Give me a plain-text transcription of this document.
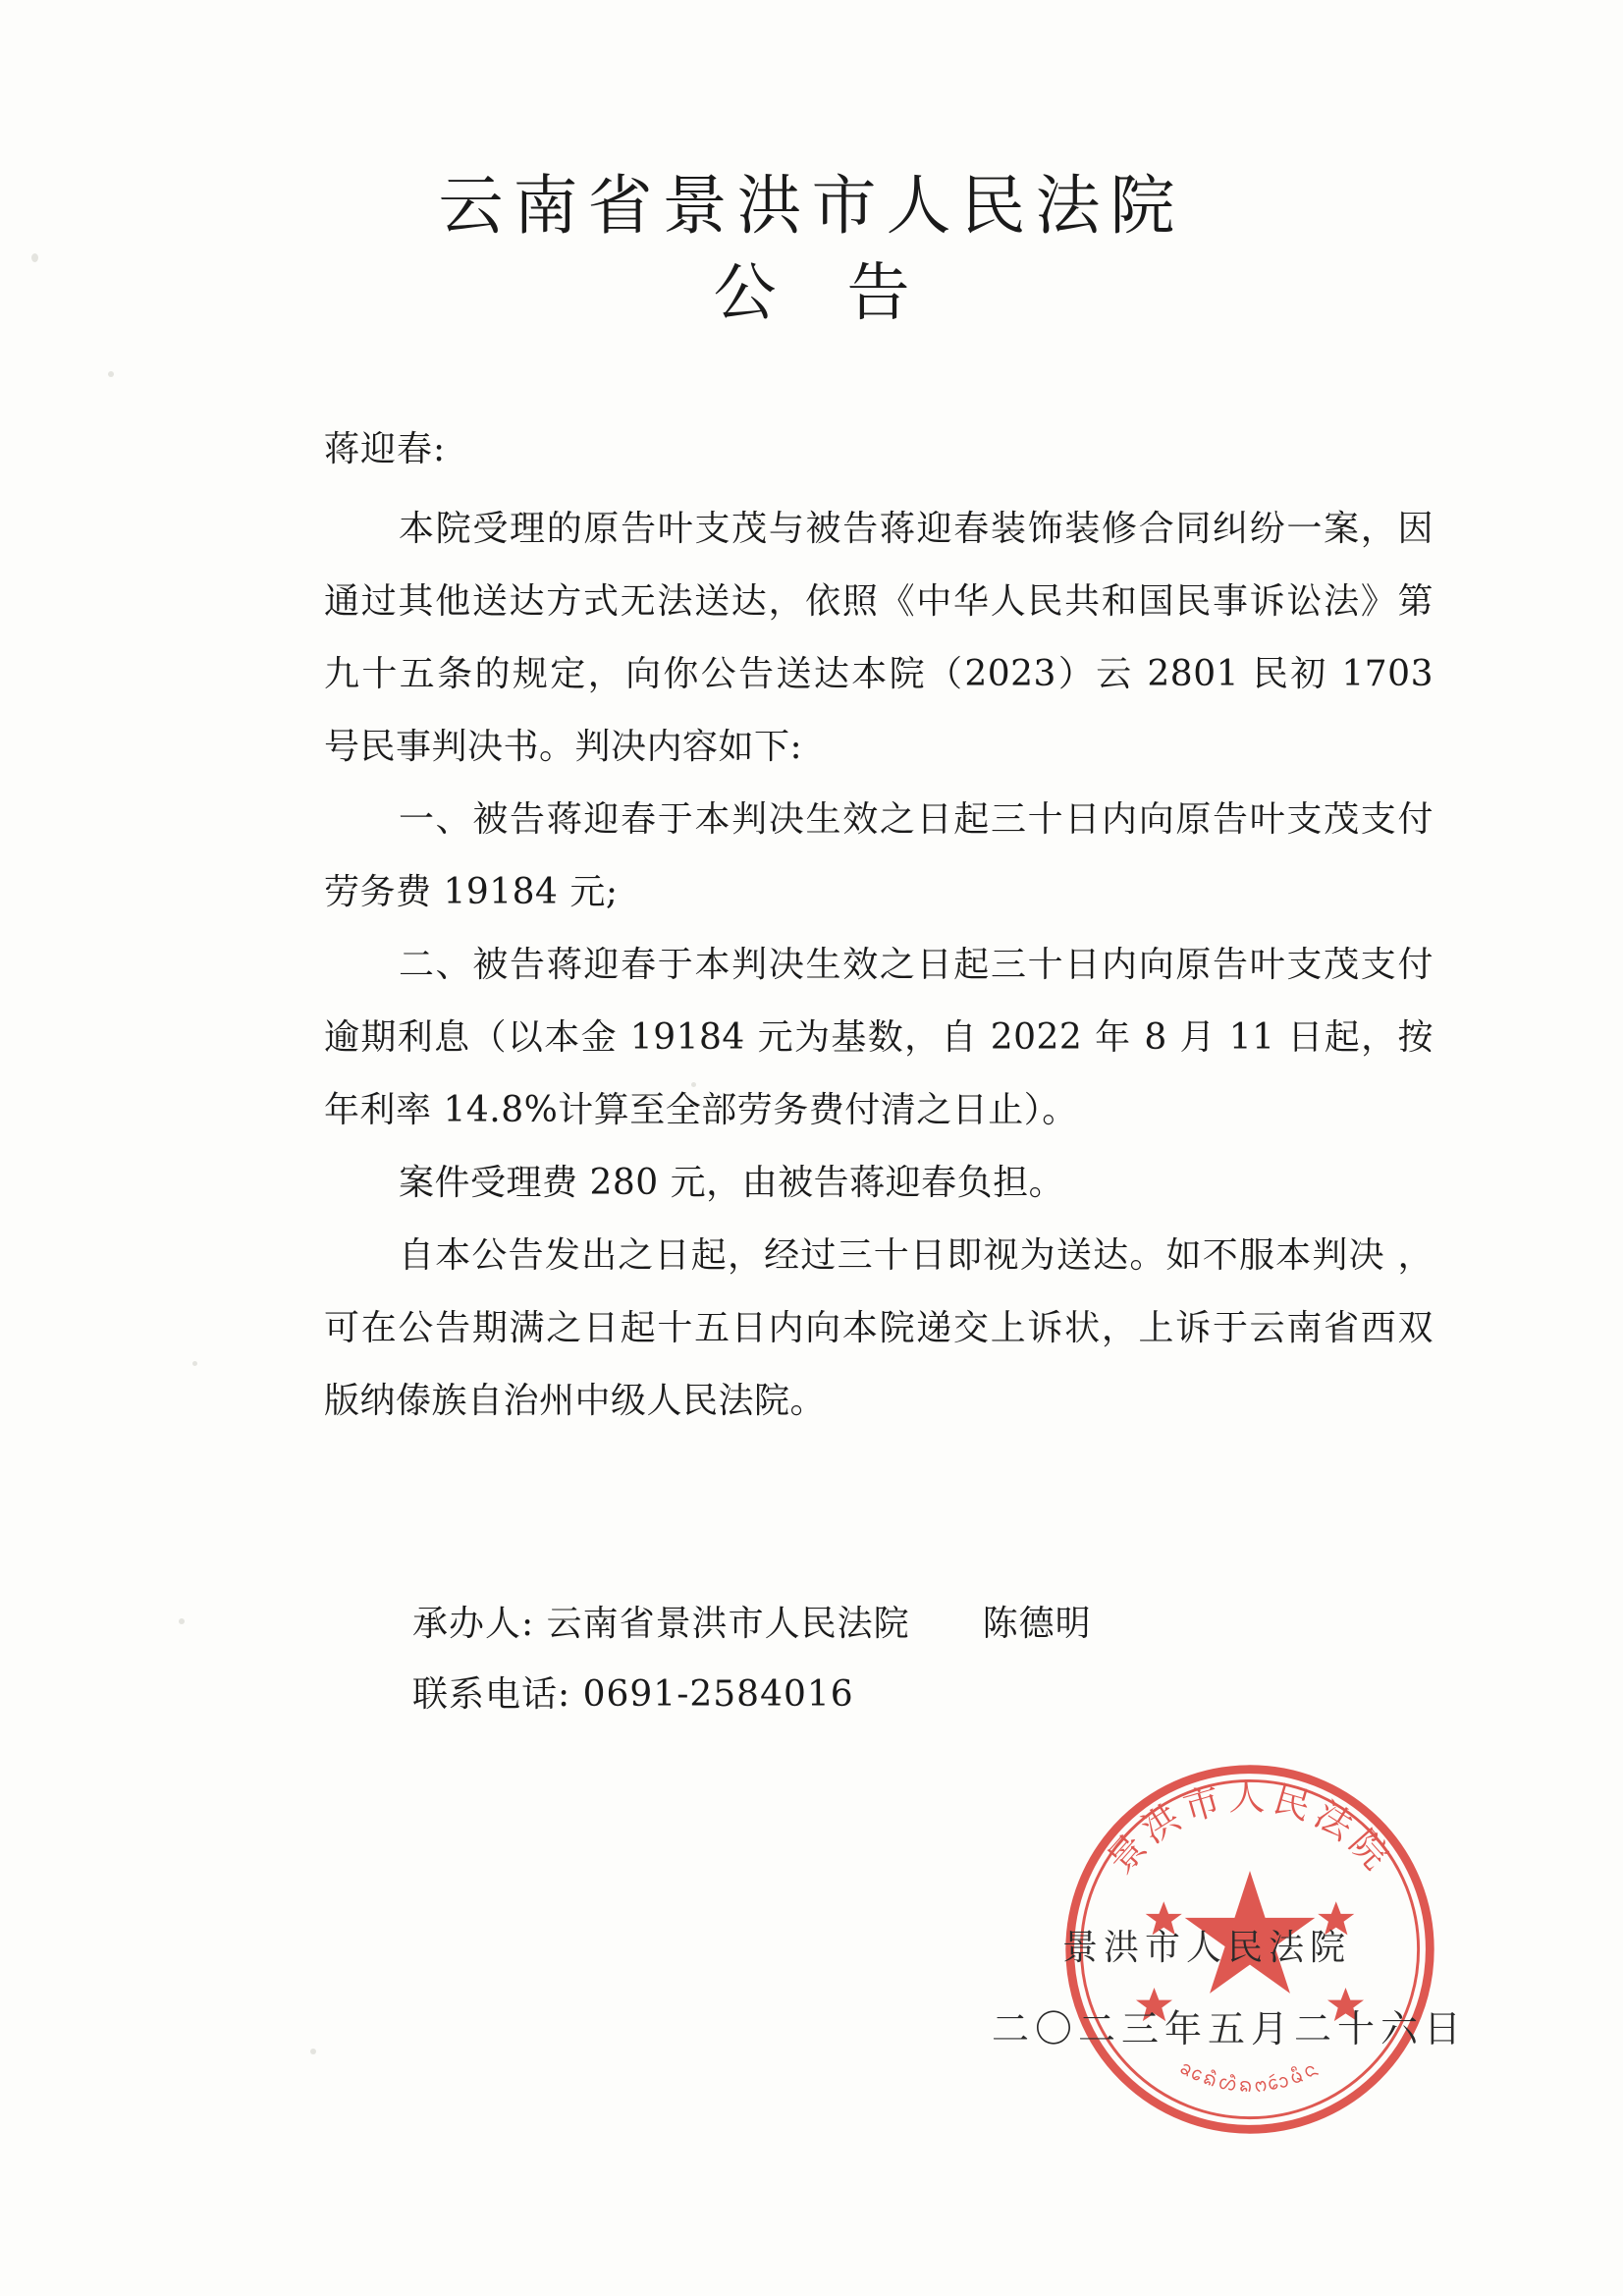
云南省景洪市人民法院
公告
蒋迎春:

本院受理的原告叶支茂与被告蒋迎春装饰装修合同纠纷一案，因通过其他送达方式无法送达，依照《中华人民共和国民事诉讼法》第九十五条的规定，向你公告送达本院（2023）云 2801 民初 1703 号民事判决书。判决内容如下:

一、被告蒋迎春于本判决生效之日起三十日内向原告叶支茂支付劳务费 19184 元;

二、被告蒋迎春于本判决生效之日起三十日内向原告叶支茂支付逾期利息（以本金 19184 元为基数，自 2022 年 8 月 11 日起，按年利率 14.8%计算至全部劳务费付清之日止）。

案件受理费 280 元，由被告蒋迎春负担。

自本公告发出之日起，经过三十日即视为送达。如不服本判决 ，可在公告期满之日起十五日内向本院递交上诉状，上诉于云南省西双版纳傣族自治州中级人民法院。

承办人: 云南省景洪市人民法院　　陈德明
联系电话: 0691-2584016
景洪市人民法院
ᨡᩮᨦᩫᩉᩫᨦᨻᩮᩢᩣᨾᩥᨶ
景洪市人民法院
二〇二三年五月二十六日
